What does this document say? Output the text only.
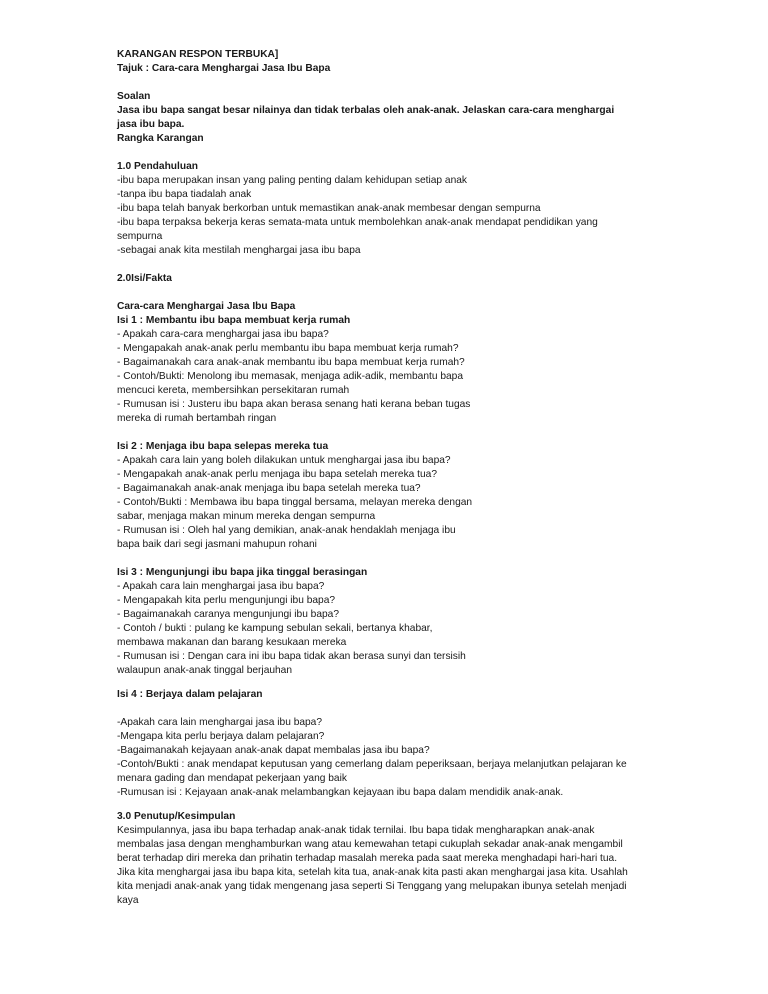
KARANGAN RESPON TERBUKA]
Tajuk : Cara-cara Menghargai Jasa Ibu Bapa
Soalan
Jasa ibu bapa sangat besar nilainya dan tidak terbalas oleh anak-anak. Jelaskan cara-cara menghargai
jasa ibu bapa.
Rangka Karangan
1.0 Pendahuluan
-ibu bapa merupakan insan yang paling penting dalam kehidupan setiap anak
-tanpa ibu bapa tiadalah anak
-ibu bapa telah banyak berkorban untuk memastikan anak-anak membesar dengan sempurna
-ibu bapa terpaksa bekerja keras semata-mata untuk membolehkan anak-anak mendapat pendidikan yang
sempurna
-sebagai anak kita mestilah menghargai jasa ibu bapa
2.0Isi/Fakta
Cara-cara Menghargai Jasa Ibu Bapa
Isi 1 : Membantu ibu bapa membuat kerja rumah
- Apakah cara-cara menghargai jasa ibu bapa?
- Mengapakah anak-anak perlu membantu ibu bapa membuat kerja rumah?
- Bagaimanakah cara anak-anak membantu ibu bapa membuat kerja rumah?
- Contoh/Bukti: Menolong ibu memasak, menjaga adik-adik, membantu bapa
mencuci kereta, membersihkan persekitaran rumah
- Rumusan isi : Justeru ibu bapa akan berasa senang hati kerana beban tugas
mereka di rumah bertambah ringan
Isi 2 : Menjaga ibu bapa selepas mereka tua
- Apakah cara lain yang boleh dilakukan untuk menghargai jasa ibu bapa?
- Mengapakah anak-anak perlu menjaga ibu bapa setelah mereka tua?
- Bagaimanakah anak-anak menjaga ibu bapa setelah mereka tua?
- Contoh/Bukti : Membawa ibu bapa tinggal bersama, melayan mereka dengan
sabar, menjaga makan minum mereka dengan sempurna
- Rumusan isi : Oleh hal yang demikian, anak-anak hendaklah menjaga ibu
bapa baik dari segi jasmani mahupun rohani
Isi 3 : Mengunjungi ibu bapa jika tinggal berasingan
- Apakah cara lain menghargai jasa ibu bapa?
- Mengapakah kita perlu mengunjungi ibu bapa?
- Bagaimanakah caranya mengunjungi ibu bapa?
- Contoh / bukti : pulang ke kampung sebulan sekali, bertanya khabar,
membawa makanan dan barang kesukaan mereka
- Rumusan isi : Dengan cara ini ibu bapa tidak akan berasa sunyi dan tersisih
walaupun anak-anak tinggal berjauhan
Isi 4 : Berjaya dalam pelajaran
-Apakah cara lain menghargai jasa ibu bapa?
-Mengapa kita perlu berjaya dalam pelajaran?
-Bagaimanakah kejayaan anak-anak dapat membalas jasa ibu bapa?
-Contoh/Bukti : anak mendapat keputusan yang cemerlang dalam peperiksaan, berjaya melanjutkan pelajaran ke
menara gading dan mendapat pekerjaan yang baik
-Rumusan isi : Kejayaan anak-anak melambangkan kejayaan ibu bapa dalam mendidik anak-anak.
3.0 Penutup/Kesimpulan
Kesimpulannya, jasa ibu bapa terhadap anak-anak tidak ternilai. Ibu bapa tidak mengharapkan anak-anak
membalas jasa dengan menghamburkan wang atau kemewahan tetapi cukuplah sekadar anak-anak mengambil
berat terhadap diri mereka dan prihatin terhadap masalah mereka pada saat mereka menghadapi hari-hari tua.
Jika kita menghargai jasa ibu bapa kita, setelah kita tua, anak-anak kita pasti akan menghargai jasa kita. Usahlah
kita menjadi anak-anak yang tidak mengenang jasa seperti Si Tenggang yang melupakan ibunya setelah menjadi
kaya
